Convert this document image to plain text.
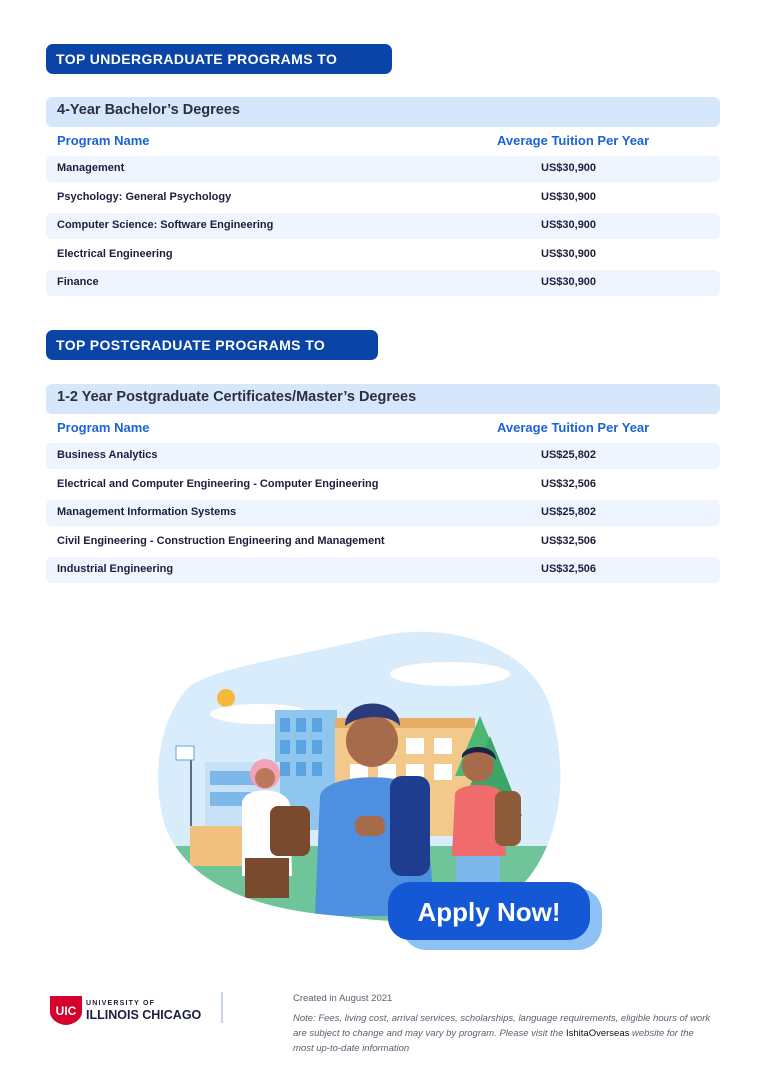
TOP UNDERGRADUATE PROGRAMS TO STUDY
4-Year Bachelor’s Degrees
Program Name	Average Tuition Per Year
Management	US$30,900
Psychology: General Psychology	US$30,900
Computer Science: Software Engineering	US$30,900
Electrical Engineering	US$30,900
Finance	US$30,900
TOP POSTGRADUATE PROGRAMS TO STUDY
1-2 Year Postgraduate Certificates/Master’s Degrees
Program Name	Average Tuition Per Year
Business Analytics	US$25,802
Electrical and Computer Engineering - Computer Engineering	US$32,506
Management Information Systems	US$25,802
Civil Engineering - Construction Engineering and Management	US$32,506
Industrial Engineering	US$32,506
Apply Now!
UIC
UNIVERSITY OF
ILLINOIS CHICAGO
Created in August 2021
Note: Fees, living cost, arrival services, scholarships, language requirements, eligible hours of work are subject to change and may vary by program. Please visit the IshitaOverseas website for the most up-to-date information
